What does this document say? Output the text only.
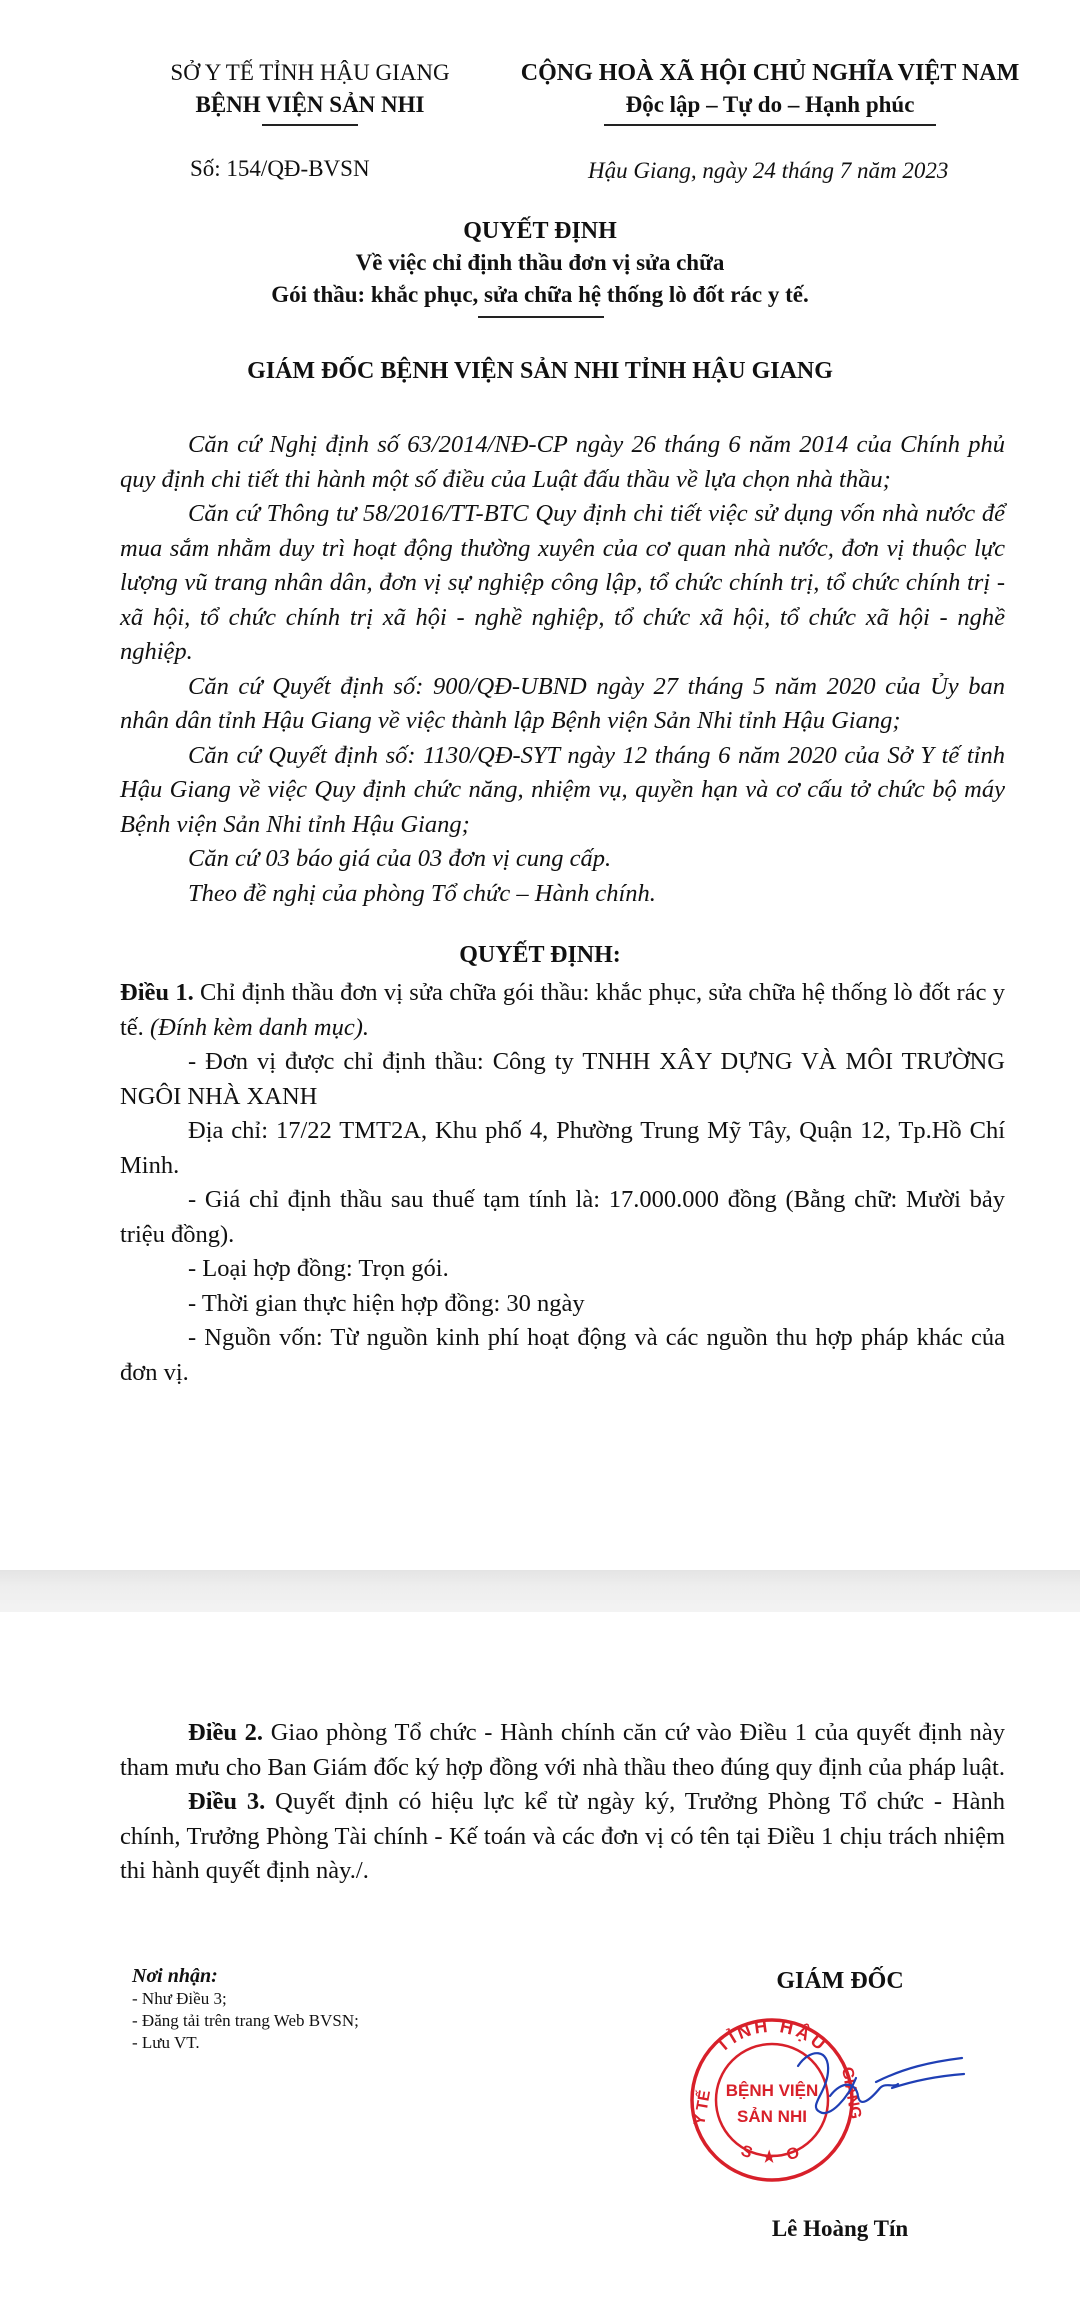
SỞ Y TẾ TỈNH HẬU GIANG
BỆNH VIỆN SẢN NHI
CỘNG HOÀ XÃ HỘI CHỦ NGHĨA VIỆT NAM
Độc lập – Tự do – Hạnh phúc
Số: 154/QĐ-BVSN	Hậu Giang, ngày 24 tháng 7 năm 2023
QUYẾT ĐỊNH
Về việc chỉ định thầu đơn vị sửa chữa
Gói thầu: khắc phục, sửa chữa hệ thống lò đốt rác y tế.
GIÁM ĐỐC BỆNH VIỆN SẢN NHI TỈNH HẬU GIANG

Căn cứ Nghị định số 63/2014/NĐ-CP ngày 26 tháng 6 năm 2014 của Chính phủ quy định chi tiết thi hành một số điều của Luật đấu thầu về lựa chọn nhà thầu;

Căn cứ Thông tư 58/2016/TT-BTC Quy định chi tiết việc sử dụng vốn nhà nước để mua sắm nhằm duy trì hoạt động thường xuyên của cơ quan nhà nước, đơn vị thuộc lực lượng vũ trang nhân dân, đơn vị sự nghiệp công lập, tổ chức chính trị, tổ chức chính trị - xã hội, tổ chức chính trị xã hội - nghề nghiệp, tổ chức xã hội, tổ chức xã hội - nghề nghiệp.

Căn cứ Quyết định số: 900/QĐ-UBND ngày 27 tháng 5 năm 2020 của Ủy ban nhân dân tỉnh Hậu Giang về việc thành lập Bệnh viện Sản Nhi tỉnh Hậu Giang;

Căn cứ Quyết định số: 1130/QĐ-SYT ngày 12 tháng 6 năm 2020 của Sở Y tế tỉnh Hậu Giang về việc Quy định chức năng, nhiệm vụ, quyền hạn và cơ cấu tở chức bộ máy Bệnh viện Sản Nhi tỉnh Hậu Giang;

Căn cứ 03 báo giá của 03 đơn vị cung cấp.

Theo đề nghị của phòng Tổ chức – Hành chính.

QUYẾT ĐỊNH:

Điều 1. Chỉ định thầu đơn vị sửa chữa gói thầu: khắc phục, sửa chữa hệ thống lò đốt rác y tế. (Đính kèm danh mục).

- Đơn vị được chỉ định thầu: Công ty TNHH XÂY DỰNG VÀ MÔI TRƯỜNG NGÔI NHÀ XANH

Địa chỉ: 17/22 TMT2A, Khu phố 4, Phường Trung Mỹ Tây, Quận 12, Tp.Hồ Chí Minh.

- Giá chỉ định thầu sau thuế tạm tính là: 17.000.000 đồng (Bằng chữ: Mười bảy triệu đồng).

- Loại hợp đồng: Trọn gói.

- Thời gian thực hiện hợp đồng: 30 ngày

- Nguồn vốn: Từ nguồn kinh phí hoạt động và các nguồn thu hợp pháp khác của đơn vị.

Điều 2. Giao phòng Tổ chức - Hành chính căn cứ vào Điều 1 của quyết định này tham mưu cho Ban Giám đốc ký hợp đồng với nhà thầu theo đúng quy định của pháp luật.

Điều 3. Quyết định có hiệu lực kể từ ngày ký, Trưởng Phòng Tổ chức - Hành chính, Trưởng Phòng Tài chính - Kế toán và các đơn vị có tên tại Điều 1 chịu trách nhiệm thi hành quyết định này./.

Nơi nhận:
- Như Điều 3;
- Đăng tải trên trang Web BVSN;
- Lưu VT.
GIÁM ĐỐC
TỈNH HẬU
Y TẾ	GIANG
BỆNH VIỆN
SẢN NHI
S ★ O
Lê Hoàng Tín
